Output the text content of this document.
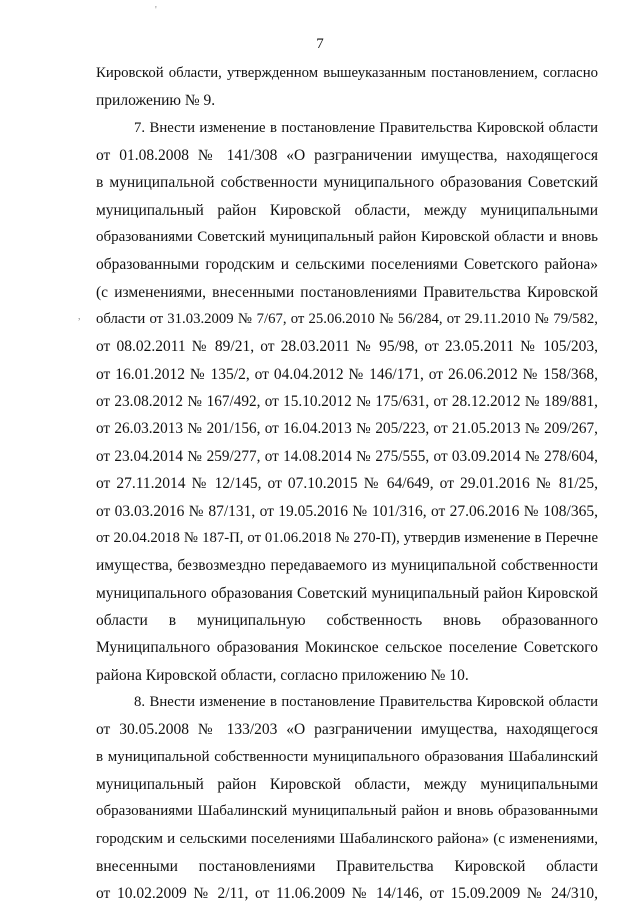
7
'
,
Кировской области, утвержденном вышеуказанным постановлением, согласно
приложению № 9.
7. Внести изменение в постановление Правительства Кировской области
от 01.08.2008 № 141/308 «О разграничении имущества, находящегося
в муниципальной собственности муниципального образования Советский
муниципальный район Кировской области, между муниципальными
образованиями Советский муниципальный район Кировской области и вновь
образованными городским и сельскими поселениями Советского района»
(с изменениями, внесенными постановлениями Правительства Кировской
области от 31.03.2009 № 7/67, от 25.06.2010 № 56/284, от 29.11.2010 № 79/582,
от 08.02.2011 № 89/21, от 28.03.2011 № 95/98, от 23.05.2011 № 105/203,
от 16.01.2012 № 135/2, от 04.04.2012 № 146/171, от 26.06.2012 № 158/368,
от 23.08.2012 № 167/492, от 15.10.2012 № 175/631, от 28.12.2012 № 189/881,
от 26.03.2013 № 201/156, от 16.04.2013 № 205/223, от 21.05.2013 № 209/267,
от 23.04.2014 № 259/277, от 14.08.2014 № 275/555, от 03.09.2014 № 278/604,
от 27.11.2014 № 12/145, от 07.10.2015 № 64/649, от 29.01.2016 № 81/25,
от 03.03.2016 № 87/131, от 19.05.2016 № 101/316, от 27.06.2016 № 108/365,
от 20.04.2018 № 187-П, от 01.06.2018 № 270-П), утвердив изменение в Перечне
имущества, безвозмездно передаваемого из муниципальной собственности
муниципального образования Советский муниципальный район Кировской
области в муниципальную собственность вновь образованного
Муниципального образования Мокинское сельское поселение Советского
района Кировской области, согласно приложению № 10.
8. Внести изменение в постановление Правительства Кировской области
от 30.05.2008 № 133/203 «О разграничении имущества, находящегося
в муниципальной собственности муниципального образования Шабалинский
муниципальный район Кировской области, между муниципальными
образованиями Шабалинский муниципальный район и вновь образованными
городским и сельскими поселениями Шабалинского района» (с изменениями,
внесенными постановлениями Правительства Кировской области
от 10.02.2009 № 2/11, от 11.06.2009 № 14/146, от 15.09.2009 № 24/310,
